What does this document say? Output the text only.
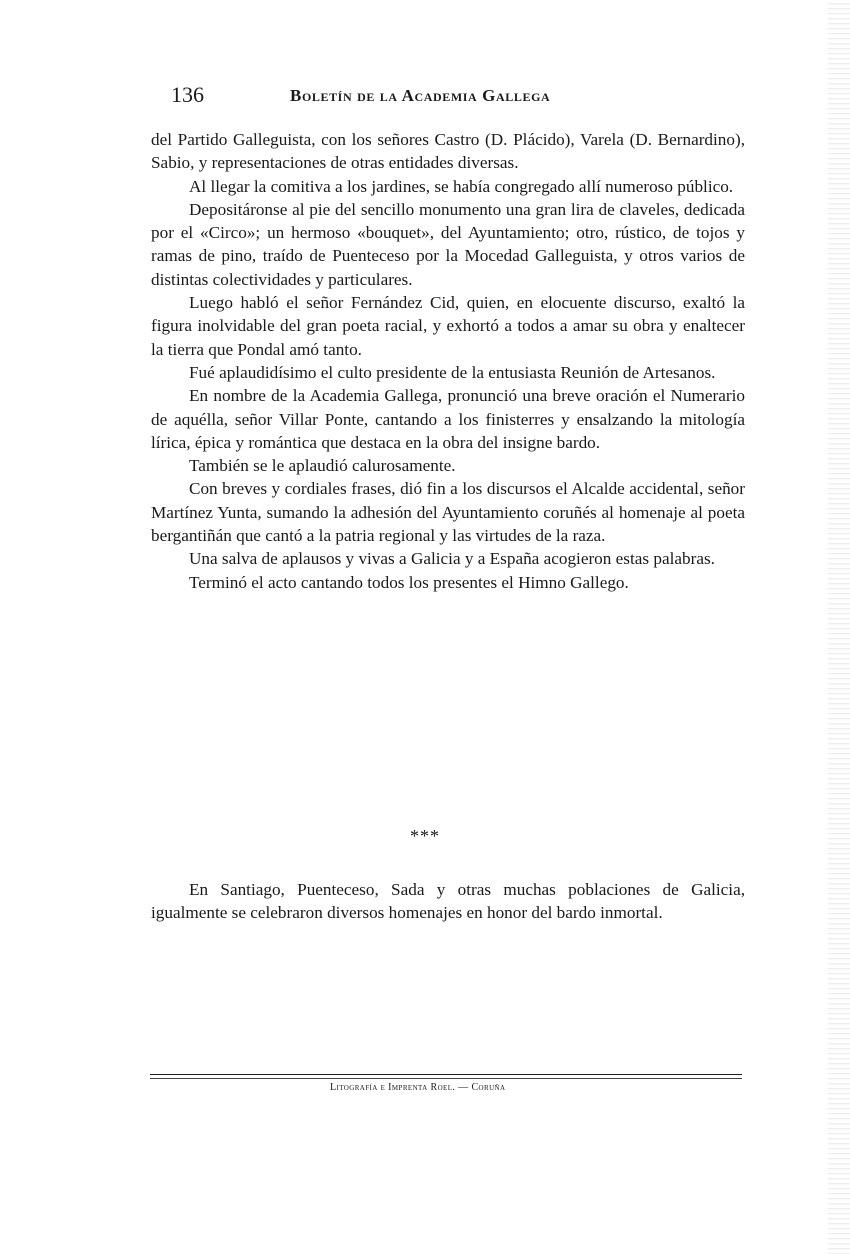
136	Boletín de la Academia Gallega

del Partido Galleguista, con los señores Castro (D. Plácido), Varela (D. Bernardino), Sabio, y representaciones de otras entidades diversas.

Al llegar la comitiva a los jardines, se había congregado allí numeroso público.

Depositáronse al pie del sencillo monumento una gran lira de claveles, dedicada por el «Circo»; un hermoso «bouquet», del Ayuntamiento; otro, rústico, de tojos y ramas de pino, traído de Puenteceso por la Mocedad Galleguista, y otros varios de distintas colectividades y particulares.

Luego habló el señor Fernández Cid, quien, en elocuente discurso, exaltó la figura inolvidable del gran poeta racial, y exhortó a todos a amar su obra y enaltecer la tierra que Pondal amó tanto.

Fué aplaudidísimo el culto presidente de la entusiasta Reunión de Artesanos.

En nombre de la Academia Gallega, pronunció una breve oración el Numerario de aquélla, señor Villar Ponte, cantando a los finisterres y ensalzando la mitología lírica, épica y romántica que destaca en la obra del insigne bardo.

También se le aplaudió calurosamente.

Con breves y cordiales frases, dió fin a los discursos el Alcalde accidental, señor Martínez Yunta, sumando la adhesión del Ayuntamiento coruñés al homenaje al poeta bergantiñán que cantó a la patria regional y las virtudes de la raza.

Una salva de aplausos y vivas a Galicia y a España acogieron estas palabras.

Terminó el acto cantando todos los presentes el Himno Gallego.

***

En Santiago, Puenteceso, Sada y otras muchas poblaciones de Galicia, igualmente se celebraron diversos homenajes en honor del bardo inmortal.

Litografía e Imprenta Roel. — Coruña
